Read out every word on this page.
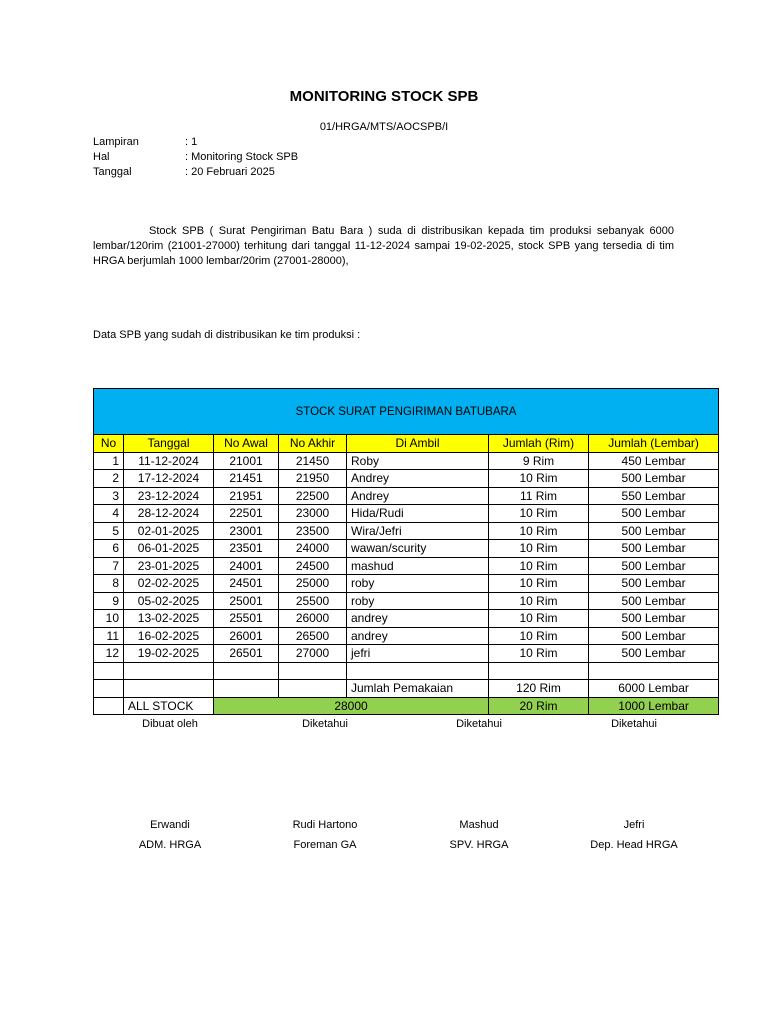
MONITORING STOCK SPB
01/HRGA/MTS/AOCSPB/I
Lampiran	: 1
Hal	: Monitoring Stock SPB
Tanggal	: 20 Februari 2025
Stock SPB ( Surat Pengiriman Batu Bara ) suda di distribusikan kepada tim produksi sebanyak 6000 lembar/120rim (21001-27000) terhitung dari tanggal 11-12-2024 sampai 19-02-2025, stock SPB yang tersedia di tim HRGA berjumlah 1000 lembar/20rim (27001-28000),
Data SPB yang sudah di distribusikan ke tim produksi :
STOCK SURAT PENGIRIMAN BATUBARA						
No	Tanggal	No Awal	No Akhir	Di Ambil	Jumlah (Rim)	Jumlah (Lembar)
1	11-12-2024	21001	21450	Roby	9 Rim	450 Lembar
2	17-12-2024	21451	21950	Andrey	10 Rim	500 Lembar
3	23-12-2024	21951	22500	Andrey	11 Rim	550 Lembar
4	28-12-2024	22501	23000	Hida/Rudi	10 Rim	500 Lembar
5	02-01-2025	23001	23500	Wira/Jefri	10 Rim	500 Lembar
6	06-01-2025	23501	24000	wawan/scurity	10 Rim	500 Lembar
7	23-01-2025	24001	24500	mashud	10 Rim	500 Lembar
8	02-02-2025	24501	25000	roby	10 Rim	500 Lembar
9	05-02-2025	25001	25500	roby	10 Rim	500 Lembar
10	13-02-2025	25501	26000	andrey	10 Rim	500 Lembar
11	16-02-2025	26001	26500	andrey	10 Rim	500 Lembar
12	19-02-2025	26501	27000	jefri	10 Rim	500 Lembar

				Jumlah Pemakaian	120 Rim	6000 Lembar
	ALL STOCK	28000			20 Rim	1000 Lembar
Dibuat oleh	Diketahui	Diketahui	Diketahui
Erwandi	Rudi Hartono	Mashud	Jefri
ADM. HRGA	Foreman GA	SPV. HRGA	Dep. Head HRGA
